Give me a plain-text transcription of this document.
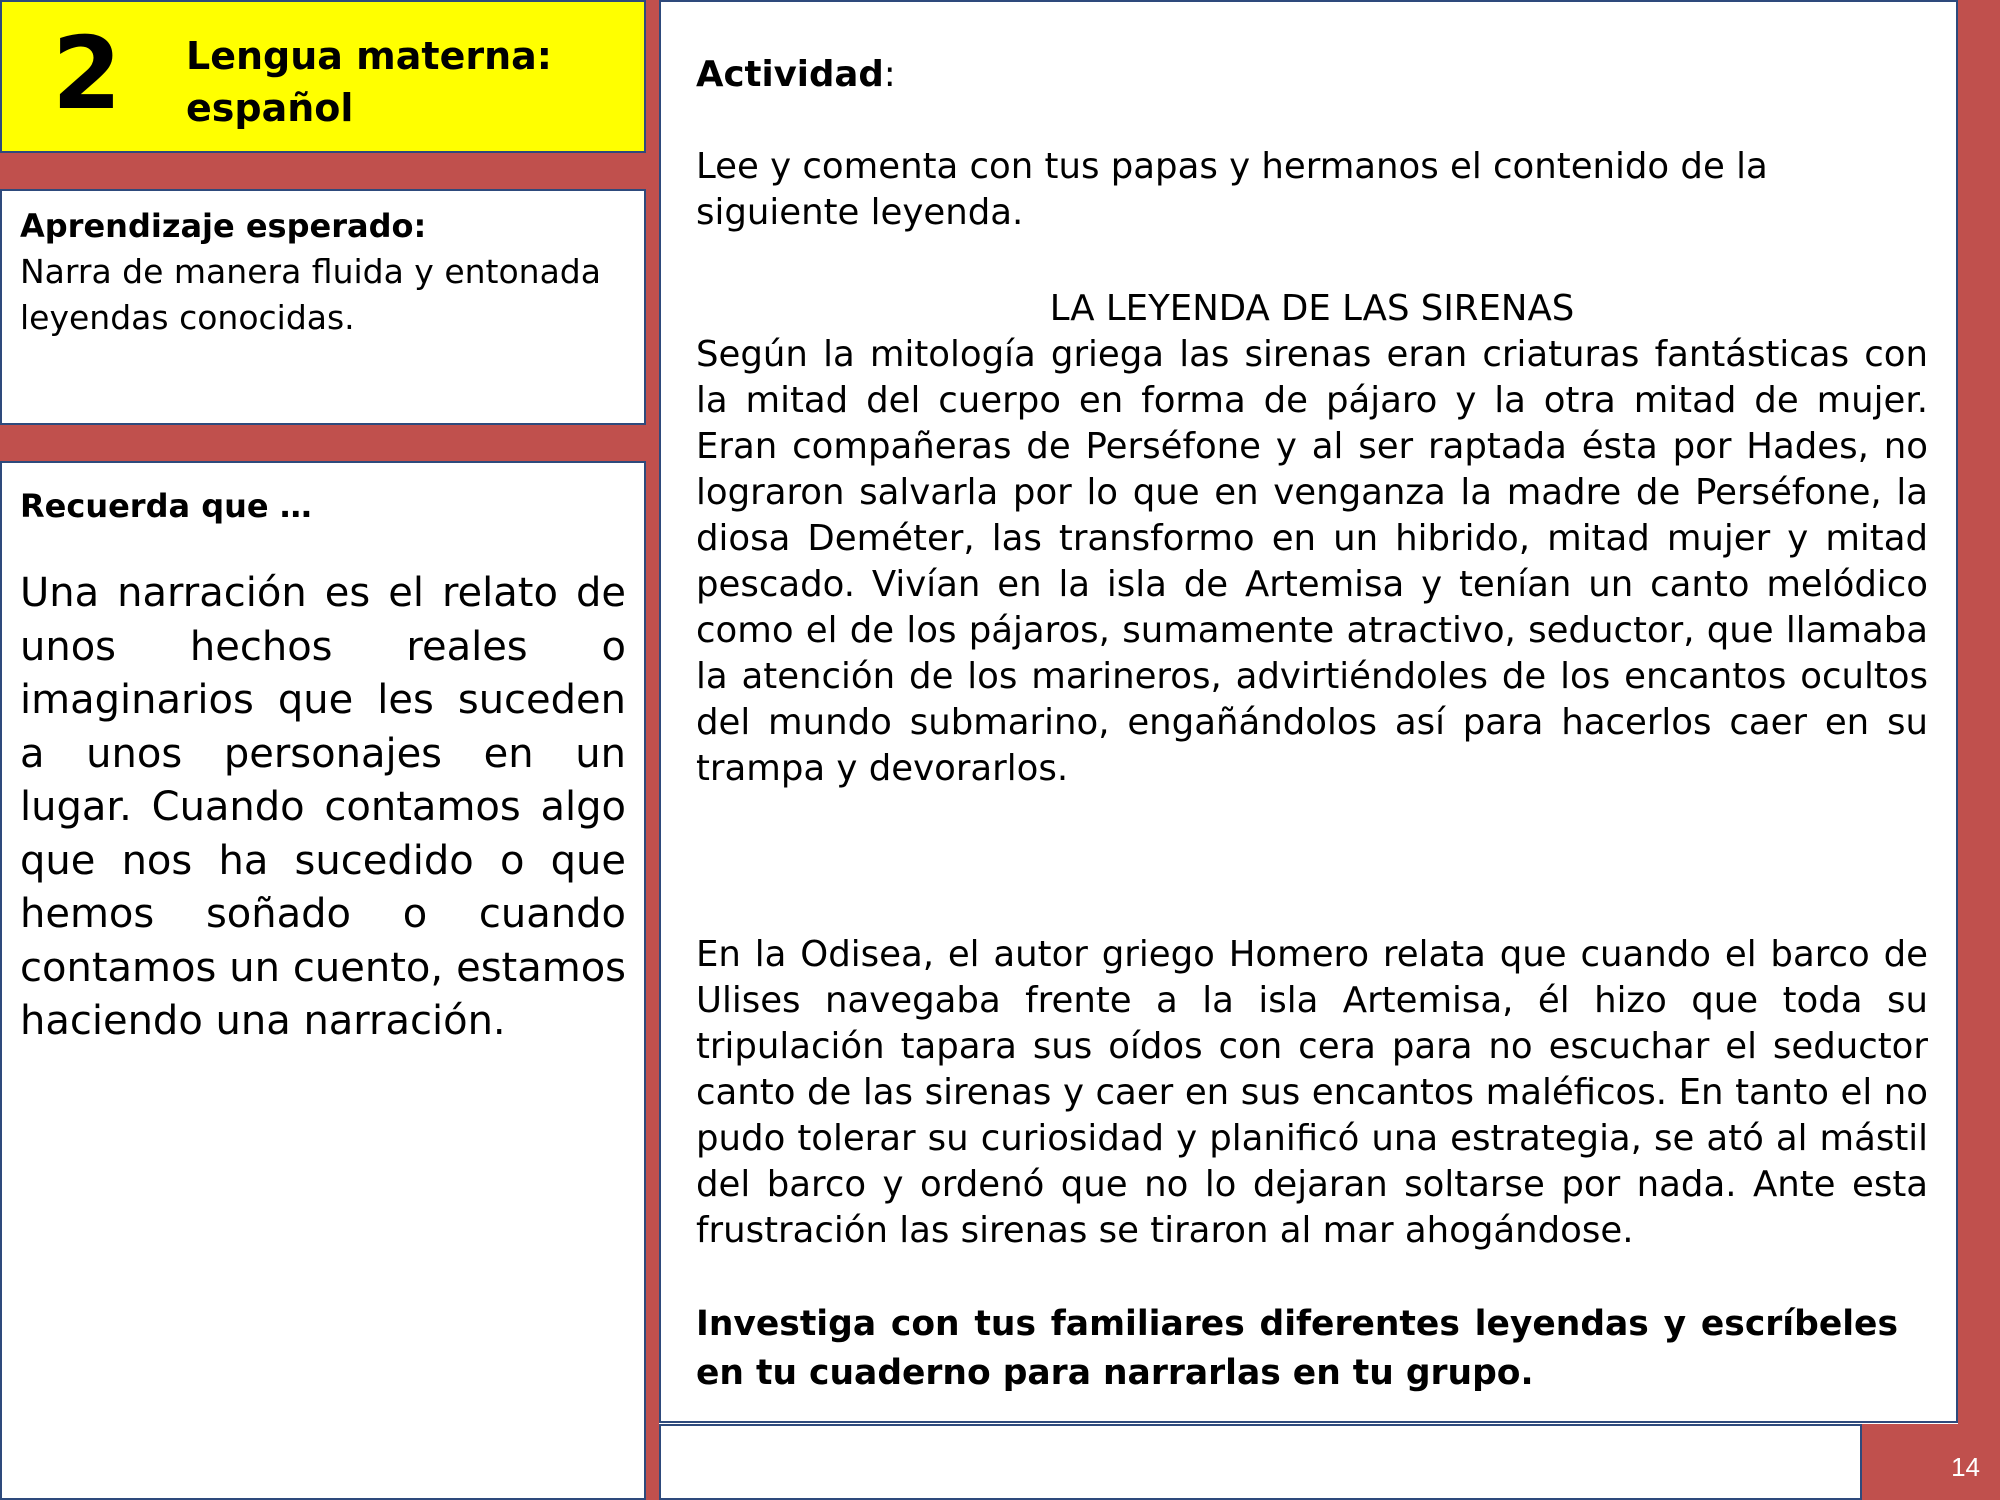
2	Lengua materna:
español
Aprendizaje esperado:
Narra de manera fluida y entonada leyendas conocidas.
Recuerda que …
Una narración es el relato de unos hechos reales o imaginarios que les suceden a unos personajes en un lugar. Cuando contamos algo que nos ha sucedido o que hemos soñado o cuando contamos un cuento, estamos haciendo una narración.

Actividad:

Lee y comenta con tus papas y hermanos el contenido de la siguiente leyenda.

LA LEYENDA DE LAS SIRENAS

Según la mitología griega las sirenas eran criaturas fantásticas con la mitad del cuerpo en forma de pájaro y la otra mitad de mujer. Eran compañeras de Perséfone y al ser raptada ésta por Hades, no lograron salvarla por lo que en venganza la madre de Perséfone, la diosa Deméter, las transformo en un hibrido, mitad mujer y mitad pescado. Vivían en la isla de Artemisa y tenían un canto melódico como el de los pájaros, sumamente atractivo, seductor, que llamaba la atención de los marineros, advirtiéndoles de los encantos ocultos del mundo submarino, engañándolos así para hacerlos caer en su trampa y devorarlos.

En la Odisea, el autor griego Homero relata que cuando el barco de Ulises navegaba frente a la isla Artemisa, él hizo que toda su tripulación tapara sus oídos con cera para no escuchar el seductor canto de las sirenas y caer en sus encantos maléficos. En tanto el no pudo tolerar su curiosidad y planificó una estrategia, se ató al mástil del barco y ordenó que no lo dejaran soltarse por nada. Ante esta frustración las sirenas se tiraron al mar ahogándose.

Investiga con tus familiares diferentes leyendas y escríbeles en tu cuaderno para narrarlas en tu grupo.

14
